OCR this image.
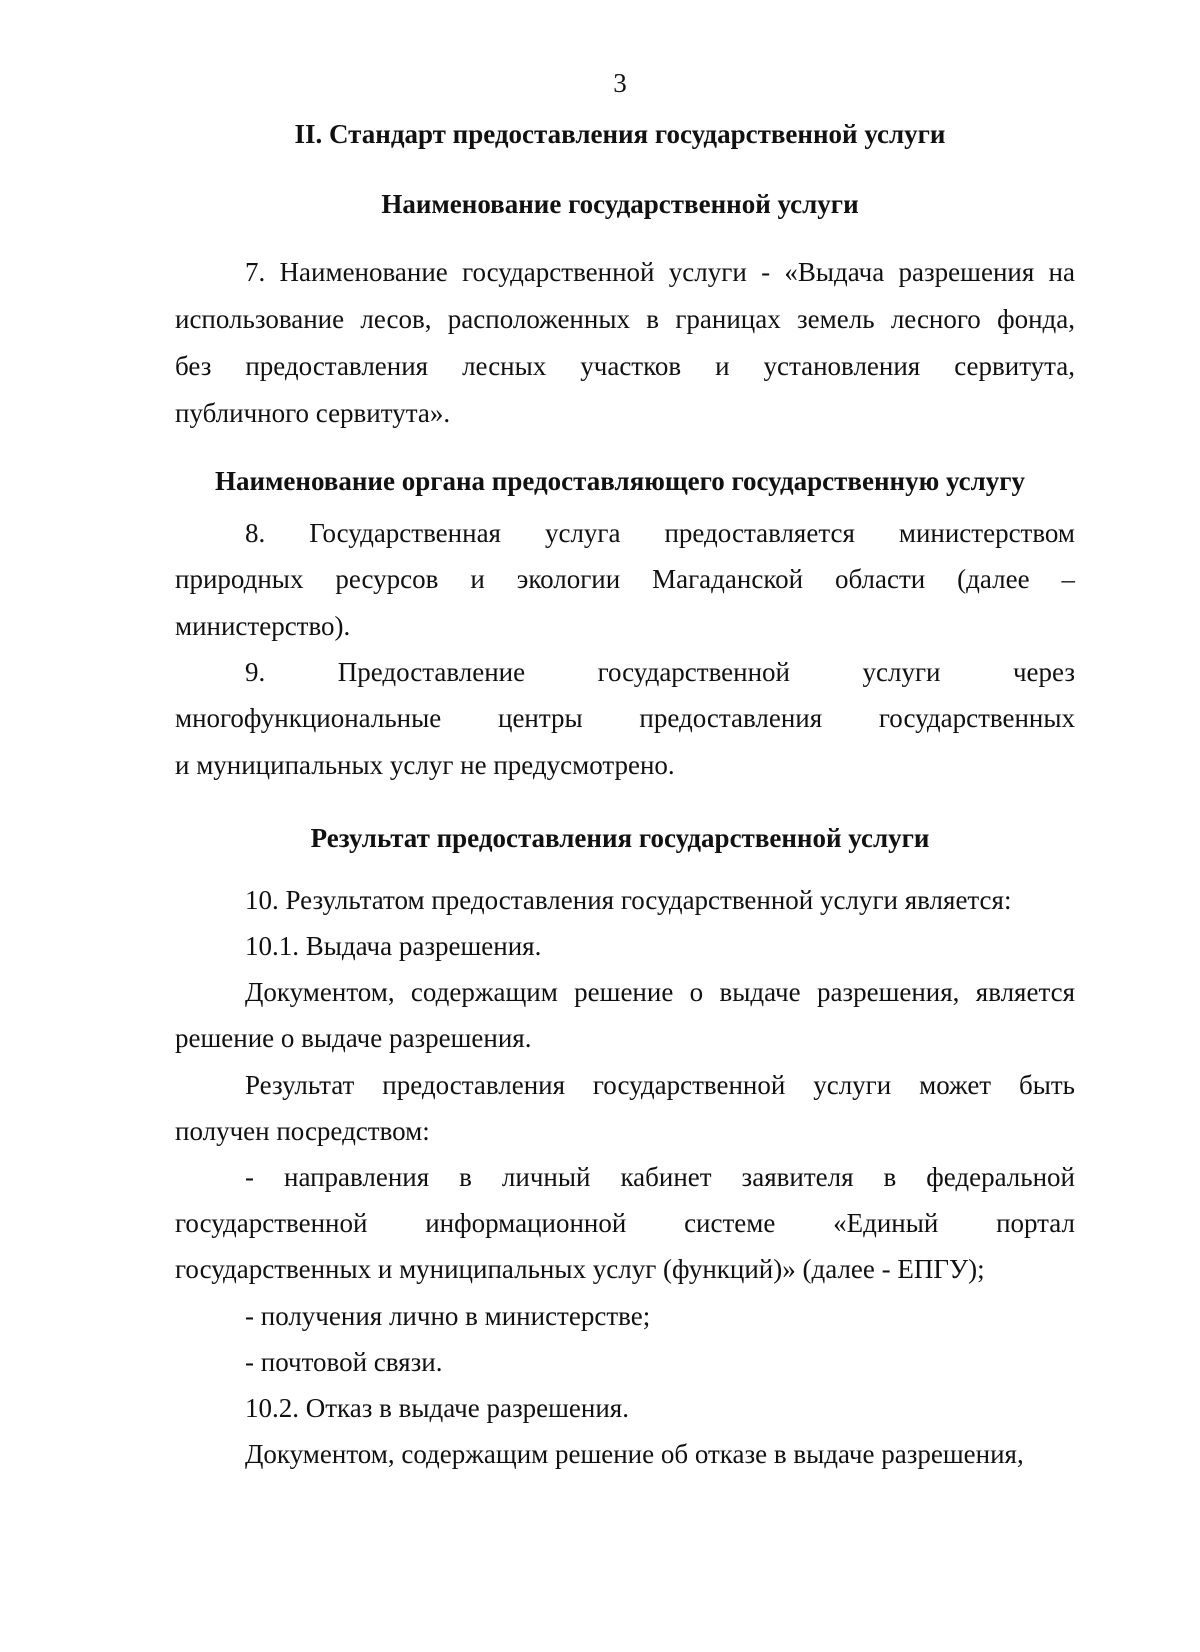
3
II. Стандарт предоставления государственной услуги
Наименование государственной услуги
7. Наименование государственной услуги - «Выдача разрешения на
использование лесов, расположенных в границах земель лесного фонда,
без предоставления лесных участков и установления сервитута,
публичного сервитута».
Наименование органа предоставляющего государственную услугу
8. Государственная услуга предоставляется министерством
природных ресурсов и экологии Магаданской области (далее –
министерство).
9. Предоставление государственной услуги через
многофункциональные центры предоставления государственных
и муниципальных услуг не предусмотрено.
Результат предоставления государственной услуги
10. Результатом предоставления государственной услуги является:
10.1. Выдача разрешения.
Документом, содержащим решение о выдаче разрешения, является
решение о выдаче разрешения.
Результат предоставления государственной услуги может быть
получен посредством:
- направления в личный кабинет заявителя в федеральной
государственной информационной системе «Единый портал
государственных и муниципальных услуг (функций)» (далее - ЕПГУ);
- получения лично в министерстве;
- почтовой связи.
10.2. Отказ в выдаче разрешения.
Документом, содержащим решение об отказе в выдаче разрешения,
